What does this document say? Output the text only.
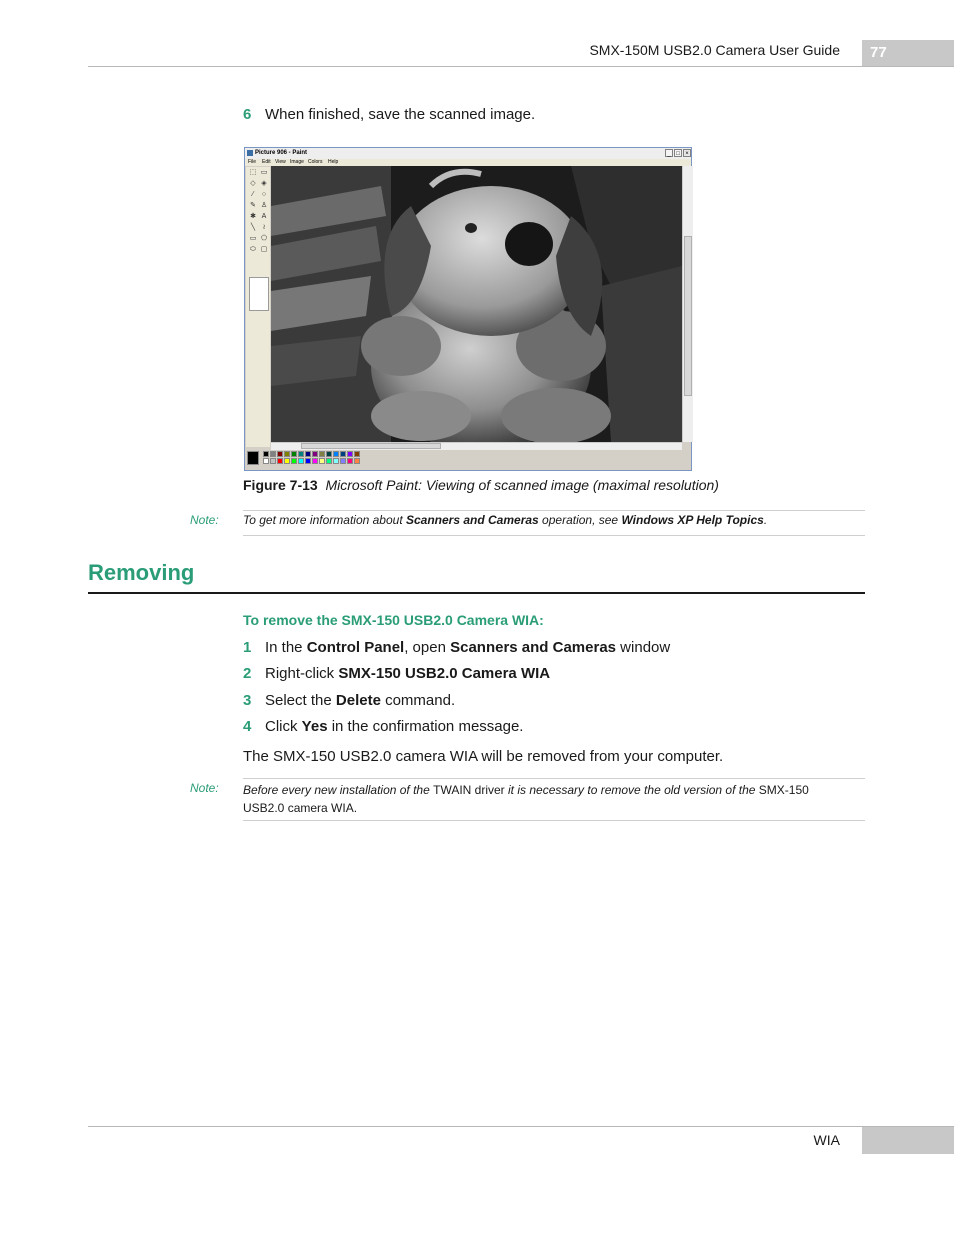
SMX-150M USB2.0 Camera User Guide 77
6 When finished, save the scanned image.
Picture 906 - Paint	_ □ ×
File Edit View Image Colors Help
⬚ ▭
◇ ◈
⁄	○
✎ ♙
✱ A
╲	≀
▭ ⬠
⬭ ▢
Figure 7-13 Microsoft Paint: Viewing of scanned image (maximal resolution)
Note: To get more information about Scanners and Cameras operation, see Windows XP Help Topics.
Removing
To remove the SMX-150 USB2.0 Camera WIA:
1 In the Control Panel, open Scanners and Cameras window
2 Right-click SMX-150 USB2.0 Camera WIA
3 Select the Delete command.
4 Click Yes in the confirmation message.
The SMX-150 USB2.0 camera WIA will be removed from your computer.
Note: Before every new installation of the TWAIN driver it is necessary to remove the old version of the SMX-150
USB2.0 camera WIA.
WIA
